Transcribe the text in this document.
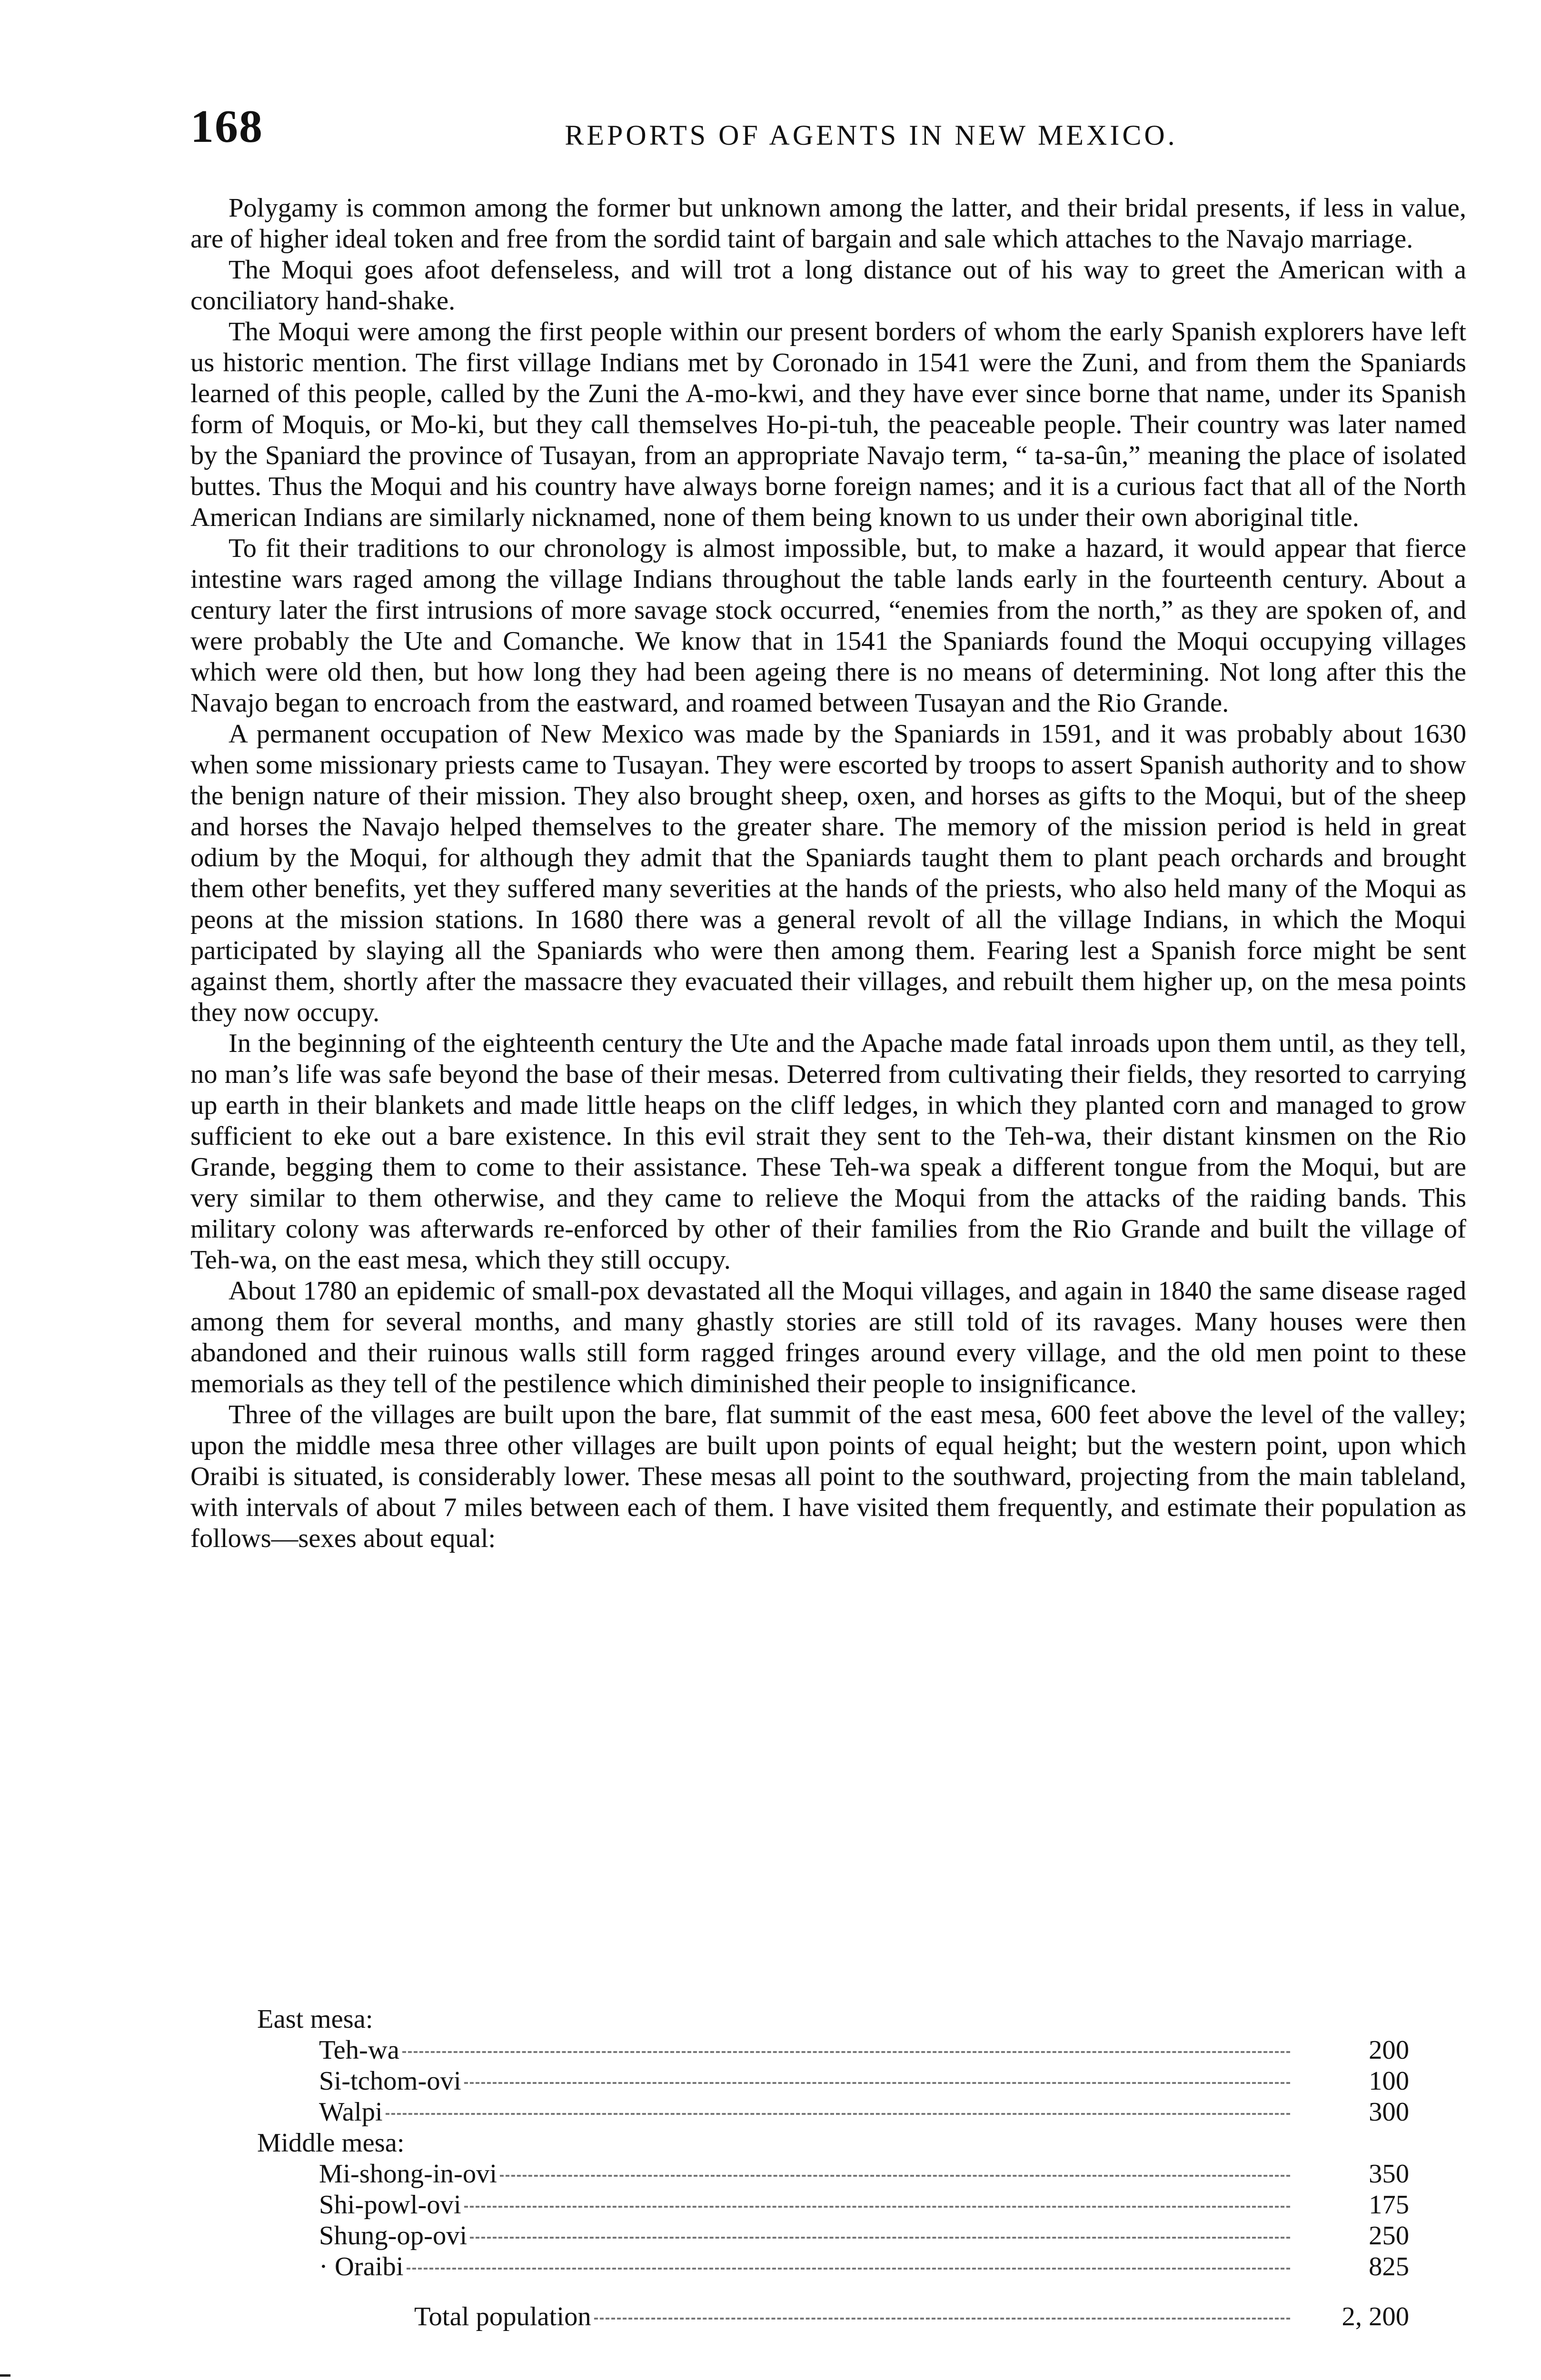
168	REPORTS OF AGENTS IN NEW MEXICO.

Polygamy is common among the former but unknown among the latter, and their bridal presents, if less in value, are of higher ideal token and free from the sordid taint of bargain and sale which attaches to the Navajo marriage.

The Moqui goes afoot defenseless, and will trot a long distance out of his way to greet the American with a conciliatory hand-shake.

The Moqui were among the first people within our present borders of whom the early Spanish explorers have left us historic mention. The first village Indians met by Coronado in 1541 were the Zuni, and from them the Spaniards learned of this people, called by the Zuni the A-mo-kwi, and they have ever since borne that name, under its Spanish form of Moquis, or Mo-ki, but they call themselves Ho-pi-tuh, the peaceable people. Their country was later named by the Spaniard the province of Tusayan, from an appropriate Navajo term, “ ta-sa-ûn,” meaning the place of isolated buttes. Thus the Moqui and his country have always borne foreign names; and it is a curious fact that all of the North American Indians are similarly nicknamed, none of them being known to us under their own aboriginal title.

To fit their traditions to our chronology is almost impossible, but, to make a hazard, it would appear that fierce intestine wars raged among the village Indians throughout the table lands early in the fourteenth century. About a century later the first intrusions of more savage stock occurred, “enemies from the north,” as they are spoken of, and were probably the Ute and Comanche. We know that in 1541 the Spaniards found the Moqui occupying villages which were old then, but how long they had been ageing there is no means of determining. Not long after this the Navajo began to encroach from the eastward, and roamed between Tusayan and the Rio Grande.

A permanent occupation of New Mexico was made by the Spaniards in 1591, and it was probably about 1630 when some missionary priests came to Tusayan. They were escorted by troops to assert Spanish authority and to show the benign nature of their mission. They also brought sheep, oxen, and horses as gifts to the Moqui, but of the sheep and horses the Navajo helped themselves to the greater share. The memory of the mission period is held in great odium by the Moqui, for although they admit that the Spaniards taught them to plant peach orchards and brought them other benefits, yet they suffered many severities at the hands of the priests, who also held many of the Moqui as peons at the mission stations. In 1680 there was a general revolt of all the village Indians, in which the Moqui participated by slaying all the Spaniards who were then among them. Fearing lest a Spanish force might be sent against them, shortly after the massacre they evacuated their villages, and rebuilt them higher up, on the mesa points they now occupy.

In the beginning of the eighteenth century the Ute and the Apache made fatal inroads upon them until, as they tell, no man’s life was safe beyond the base of their mesas. Deterred from cultivating their fields, they resorted to carrying up earth in their blankets and made little heaps on the cliff ledges, in which they planted corn and managed to grow sufficient to eke out a bare existence. In this evil strait they sent to the Teh-wa, their distant kinsmen on the Rio Grande, begging them to come to their assistance. These Teh-wa speak a different tongue from the Moqui, but are very similar to them otherwise, and they came to relieve the Moqui from the attacks of the raiding bands. This military colony was afterwards re-enforced by other of their families from the Rio Grande and built the village of Teh-wa, on the east mesa, which they still occupy.

About 1780 an epidemic of small-pox devastated all the Moqui villages, and again in 1840 the same disease raged among them for several months, and many ghastly stories are still told of its ravages. Many houses were then abandoned and their ruinous walls still form ragged fringes around every village, and the old men point to these memorials as they tell of the pestilence which diminished their people to insignificance.

Three of the villages are built upon the bare, flat summit of the east mesa, 600 feet above the level of the valley; upon the middle mesa three other villages are built upon points of equal height; but the western point, upon which Oraibi is situated, is considerably lower. These mesas all point to the southward, projecting from the main tableland, with intervals of about 7 miles between each of them. I have visited them frequently, and estimate their population as follows—sexes about equal:

East mesa:
Teh-wa	200
Si-tchom-ovi	100
Walpi	300
Middle mesa:
Mi-shong-in-ovi	350
Shi-powl-ovi	175
Shung-op-ovi	250
· Oraibi	825
Total population	2, 200
